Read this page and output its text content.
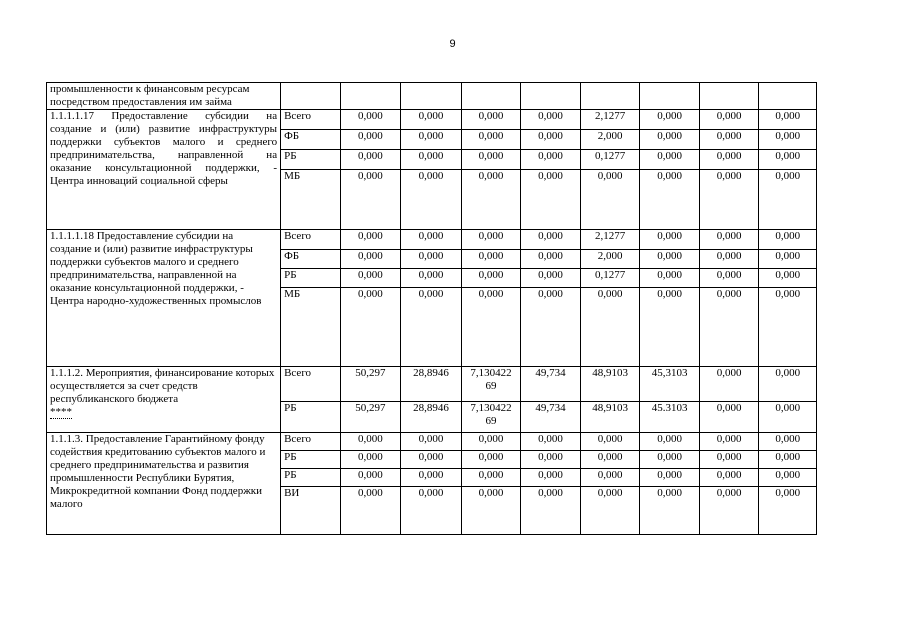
9
промышленности к финансовым ресурсам посредством предоставления им займа									
1.1.1.1.17 Предоставление субсидии на создание и (или) развитие инфраструктуры поддержки субъектов малого и среднего предпринимательства, направленной на оказание консультационной поддержки, - Центра инноваций социальной сферы	Всего	0,000	0,000	0,000	0,000	2,1277	0,000	0,000	0,000
	ФБ	0,000	0,000	0,000	0,000	2,000	0,000	0,000	0,000
	РБ	0,000	0,000	0,000	0,000	0,1277	0,000	0,000	0,000
	МБ	0,000	0,000	0,000	0,000	0,000	0,000	0,000	0,000
1.1.1.1.18 Предоставление субсидии на создание и (или) развитие инфраструктуры поддержки субъектов малого и среднего предпринимательства, направленной на оказание консультационной поддержки, - Центра народно-художественных промыслов	Всего	0,000	0,000	0,000	0,000	2,1277	0,000	0,000	0,000
	ФБ	0,000	0,000	0,000	0,000	2,000	0,000	0,000	0,000
	РБ	0,000	0,000	0,000	0,000	0,1277	0,000	0,000	0,000
	МБ	0,000	0,000	0,000	0,000	0,000	0,000	0,000	0,000
1.1.1.2. Мероприятия, финансирование которых осуществляется за счет средств республиканского бюджета
****	Всего	50,297	28,8946	7,130422 69	49,734	48,9103	45,3103	0,000	0,000
	РБ	50,297	28,8946	7,130422 69	49,734	48,9103	45.3103	0,000	0,000
1.1.1.3. Предоставление Гарантийному фонду содействия кредитованию субъектов малого и среднего предпринимательства и развития промышленности Республики Бурятия, Микрокредитной компании Фонд поддержки малого	Всего	0,000	0,000	0,000	0,000	0,000	0,000	0,000	0,000
	РБ	0,000	0,000	0,000	0,000	0,000	0,000	0,000	0,000
	РБ	0,000	0,000	0,000	0,000	0,000	0,000	0,000	0,000
	ВИ	0,000	0,000	0,000	0,000	0,000	0,000	0,000	0,000
